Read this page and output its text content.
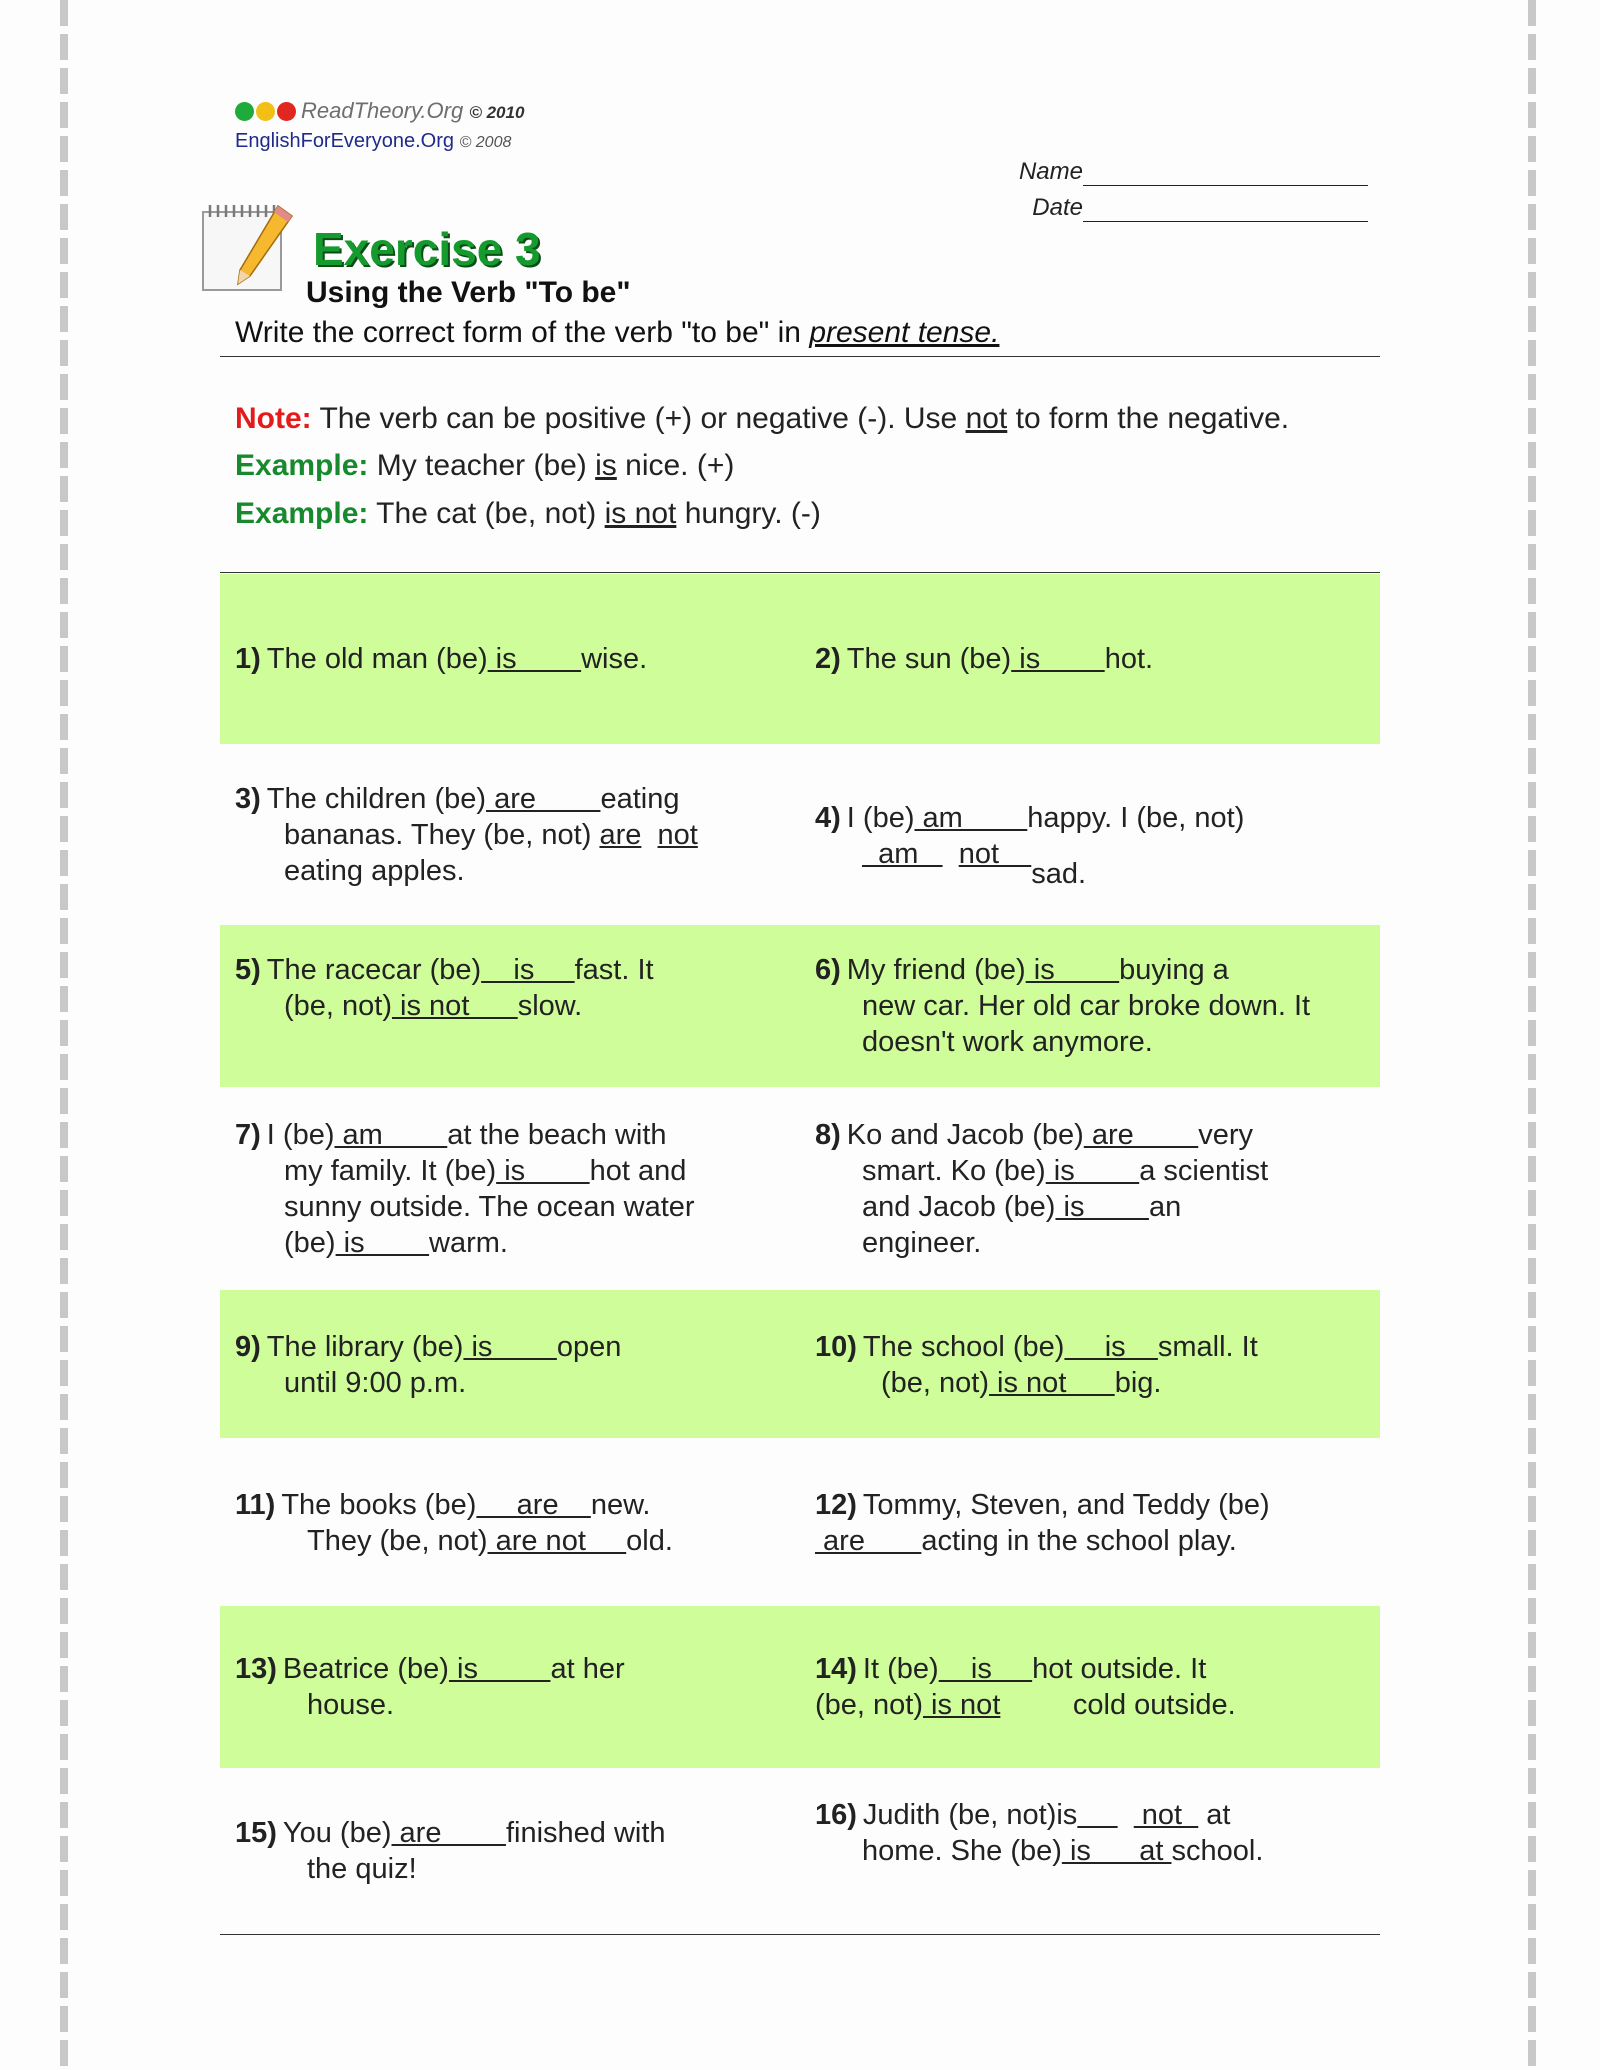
ReadTheory.Org © 2010
EnglishForEveryone.Org © 2008
Name
Date
Exercise 3
Using the Verb "To be"
Write the correct form of the verb "to be" in present tense.
Note: The verb can be positive (+) or negative (-). Use not to form the negative.
Example: My teacher (be) is nice. (+)
Example: The cat (be, not) is not hungry. (-)
1) The old man (be) is        wise.	2) The sun (be) is        hot.
3) The children (be) are        eating
bananas. They (be, not) are not
eating apples.
4) I (be) am        happy. I (be, not)
am     not    sad.
5) The racecar (be)    is     fast. It
(be, not) is not      slow.
6) My friend (be) is        buying a
new car. Her old car broke down. It
doesn't work anymore.
7) I (be) am        at the beach with
my family. It (be) is        hot and
sunny outside. The ocean water
(be) is        warm.
8) Ko and Jacob (be) are        very
smart. Ko (be) is        a scientist
and Jacob (be) is        an
engineer.
9) The library (be) is        open
until 9:00 p.m.
10) The school (be)     is    small. It
(be, not) is not      big.
11) The books (be)     are    new.
They (be, not) are not     old.
12) Tommy, Steven, and Teddy (be)
are       acting in the school play.
13) Beatrice (be) is         at her
house.
14) It (be)    is     hot outside. It
(be, not) is not         cold outside.
15) You (be) are        finished with
the quiz!
16) Judith (be, not)is        not   at
home. She (be) is      at school.
